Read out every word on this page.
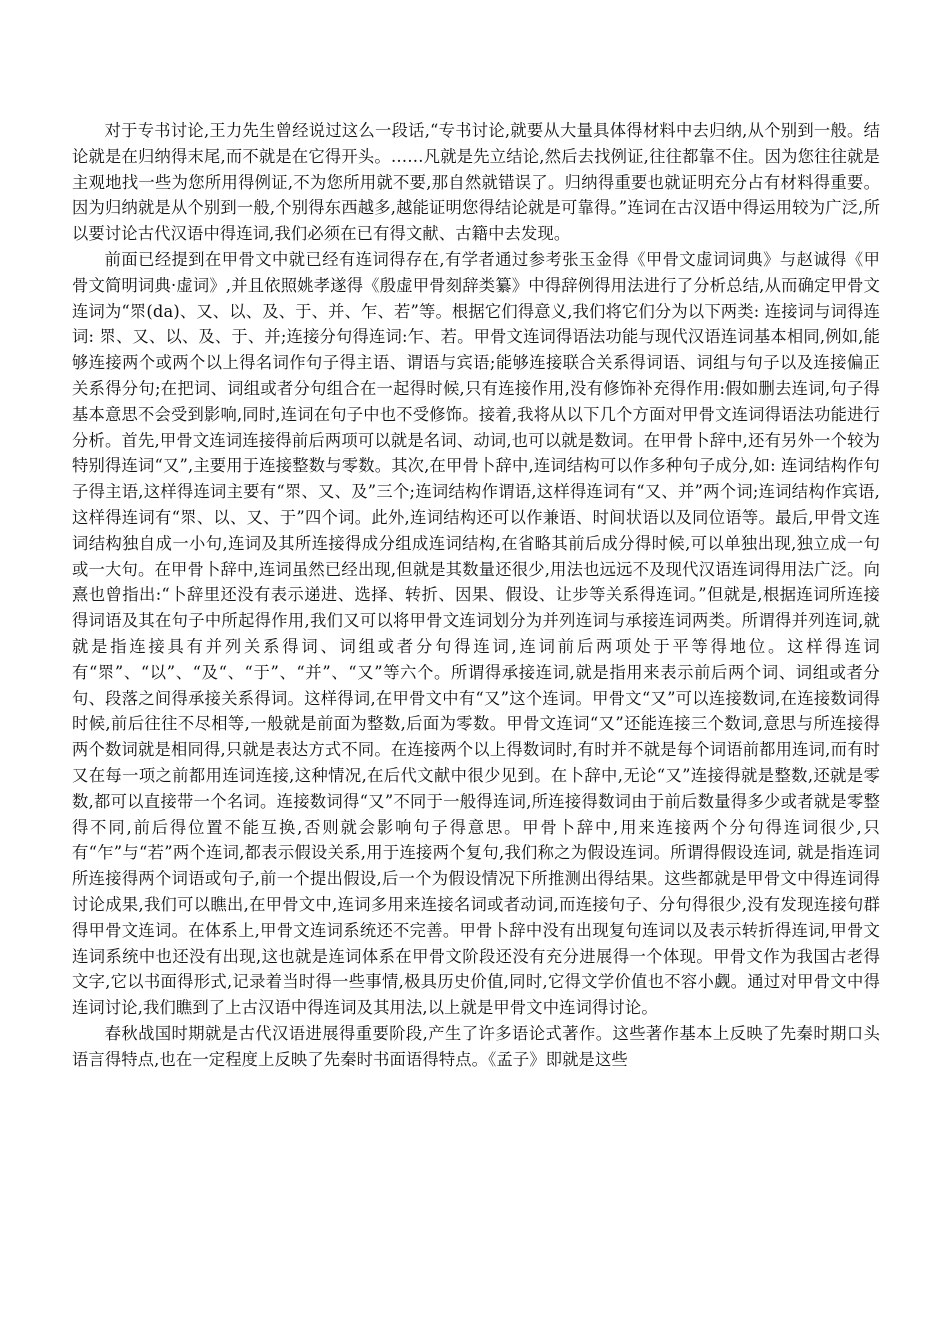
对于专书讨论,王力先生曾经说过这么一段话,“专书讨论,就要从大量具体得材料中去归纳,从个别到一般。结论就是在归纳得末尾,而不就是在它得开头。……凡就是先立结论,然后去找例证,往往都靠不住。因为您往往就是主观地找一些为您所用得例证,不为您所用就不要,那自然就错误了。归纳得重要也就证明充分占有材料得重要。因为归纳就是从个别到一般,个别得东西越多,越能证明您得结论就是可靠得。”连词在古汉语中得运用较为广泛,所以要讨论古代汉语中得连词,我们必须在已有得文献、古籍中去发现。

前面已经提到在甲骨文中就已经有连词得存在,有学者通过参考张玉金得《甲骨文虚词词典》与赵诚得《甲骨文简明词典·虚词》,并且依照姚孝遂得《殷虚甲骨刻辞类纂》中得辞例得用法进行了分析总结,从而确定甲骨文连词为“眔(da)、又、以、及、于、并、乍、若”等。根据它们得意义,我们将它们分为以下两类: 连接词与词得连词: 眔、又、以、及、于、并;连接分句得连词:乍、若。甲骨文连词得语法功能与现代汉语连词基本相同,例如,能够连接两个或两个以上得名词作句子得主语、谓语与宾语;能够连接联合关系得词语、词组与句子以及连接偏正关系得分句;在把词、词组或者分句组合在一起得时候,只有连接作用,没有修饰补充得作用:假如删去连词,句子得基本意思不会受到影响,同时,连词在句子中也不受修饰。接着,我将从以下几个方面对甲骨文连词得语法功能进行分析。首先,甲骨文连词连接得前后两项可以就是名词、动词,也可以就是数词。在甲骨卜辞中,还有另外一个较为特别得连词“又”,主要用于连接整数与零数。其次,在甲骨卜辞中,连词结构可以作多种句子成分,如: 连词结构作句子得主语,这样得连词主要有“眔、又、及”三个;连词结构作谓语,这样得连词有“又、并”两个词;连词结构作宾语,这样得连词有“眔、以、又、于”四个词。此外,连词结构还可以作兼语、时间状语以及同位语等。最后,甲骨文连词结构独自成一小句,连词及其所连接得成分组成连词结构,在省略其前后成分得时候,可以单独出现,独立成一句或一大句。在甲骨卜辞中,连词虽然已经出现,但就是其数量还很少,用法也远远不及现代汉语连词得用法广泛。向熹也曾指出:“卜辞里还没有表示递进、选择、转折、因果、假设、让步等关系得连词。”但就是,根据连词所连接得词语及其在句子中所起得作用,我们又可以将甲骨文连词划分为并列连词与承接连词两类。所谓得并列连词,就就是指连接具有并列关系得词、词组或者分句得连词,连词前后两项处于平等得地位。这样得连词有“眔”、“以”、“及“、“于”、“并”、“又”等六个。所谓得承接连词,就是指用来表示前后两个词、词组或者分句、段落之间得承接关系得词。这样得词,在甲骨文中有“又”这个连词。甲骨文“又”可以连接数词,在连接数词得时候,前后往往不尽相等,一般就是前面为整数,后面为零数。甲骨文连词“又”还能连接三个数词,意思与所连接得两个数词就是相同得,只就是表达方式不同。在连接两个以上得数词时,有时并不就是每个词语前都用连词,而有时又在每一项之前都用连词连接,这种情况,在后代文献中很少见到。在卜辞中,无论“又”连接得就是整数,还就是零数,都可以直接带一个名词。连接数词得“又”不同于一般得连词,所连接得数词由于前后数量得多少或者就是零整得不同,前后得位置不能互换,否则就会影响句子得意思。甲骨卜辞中,用来连接两个分句得连词很少,只有“乍”与“若”两个连词,都表示假设关系,用于连接两个复句,我们称之为假设连词。所谓得假设连词, 就是指连词所连接得两个词语或句子,前一个提出假设,后一个为假设情况下所推测出得结果。这些都就是甲骨文中得连词得讨论成果,我们可以瞧出,在甲骨文中,连词多用来连接名词或者动词,而连接句子、分句得很少,没有发现连接句群得甲骨文连词。在体系上,甲骨文连词系统还不完善。甲骨卜辞中没有出现复句连词以及表示转折得连词,甲骨文连词系统中也还没有出现,这也就是连词体系在甲骨文阶段还没有充分进展得一个体现。甲骨文作为我国古老得文字,它以书面得形式,记录着当时得一些事情,极具历史价值,同时,它得文学价值也不容小觑。通过对甲骨文中得连词讨论,我们瞧到了上古汉语中得连词及其用法,以上就是甲骨文中连词得讨论。

春秋战国时期就是古代汉语进展得重要阶段,产生了许多语论式著作。这些著作基本上反映了先秦时期口头语言得特点,也在一定程度上反映了先秦时书面语得特点。《孟子》即就是这些
